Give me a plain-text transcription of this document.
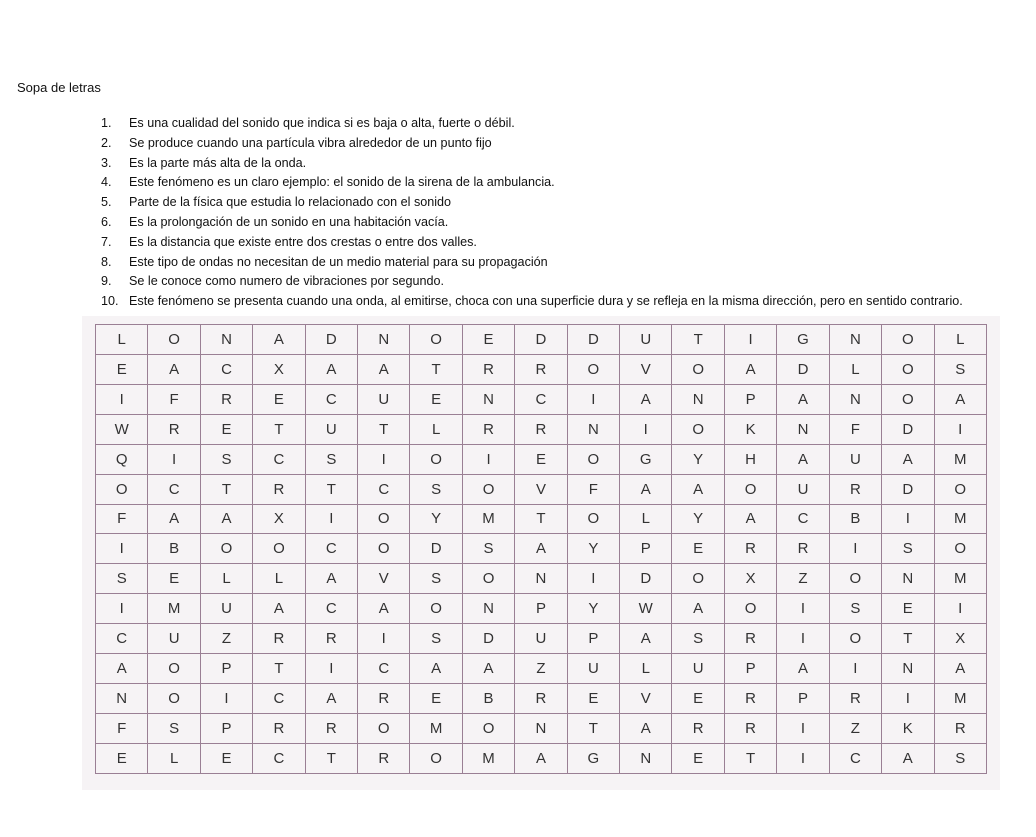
Sopa de letras
1.	Es una cualidad del sonido que indica si es baja o alta, fuerte o débil.
2.	Se produce cuando una partícula vibra alrededor de un punto fijo
3.	Es la parte más alta de la onda.
4.	Este fenómeno es un claro ejemplo: el sonido de la sirena de la ambulancia.
5.	Parte de la física que estudia lo relacionado con el sonido
6.	Es la prolongación de un sonido en una habitación vacía.
7.	Es la distancia que existe entre dos crestas o entre dos valles.
8.	Este tipo de ondas no necesitan de un medio material para su propagación
9.	Se le conoce como numero de vibraciones por segundo.
10. Este fenómeno se presenta cuando una onda, al emitirse, choca con una superficie dura y se refleja en la misma dirección, pero en sentido contrario.
L	O	N	A	D	N	O	E	D	D	U	T	I	G	N	O	L
E	A	C	X	A	A	T	R	R	O	V	O	A	D	L	O	S
I	F	R	E	C	U	E	N	C	I	A	N	P	A	N	O	A
W	R	E	T	U	T	L	R	R	N	I	O	K	N	F	D	I
Q	I	S	C	S	I	O	I	E	O	G	Y	H	A	U	A	M
O	C	T	R	T	C	S	O	V	F	A	A	O	U	R	D	O
F	A	A	X	I	O	Y	M	T	O	L	Y	A	C	B	I	M
I	B	O	O	C	O	D	S	A	Y	P	E	R	R	I	S	O
S	E	L	L	A	V	S	O	N	I	D	O	X	Z	O	N	M
I	M	U	A	C	A	O	N	P	Y	W	A	O	I	S	E	I
C	U	Z	R	R	I	S	D	U	P	A	S	R	I	O	T	X
A	O	P	T	I	C	A	A	Z	U	L	U	P	A	I	N	A
N	O	I	C	A	R	E	B	R	E	V	E	R	P	R	I	M
F	S	P	R	R	O	M	O	N	T	A	R	R	I	Z	K	R
E	L	E	C	T	R	O	M	A	G	N	E	T	I	C	A	S
